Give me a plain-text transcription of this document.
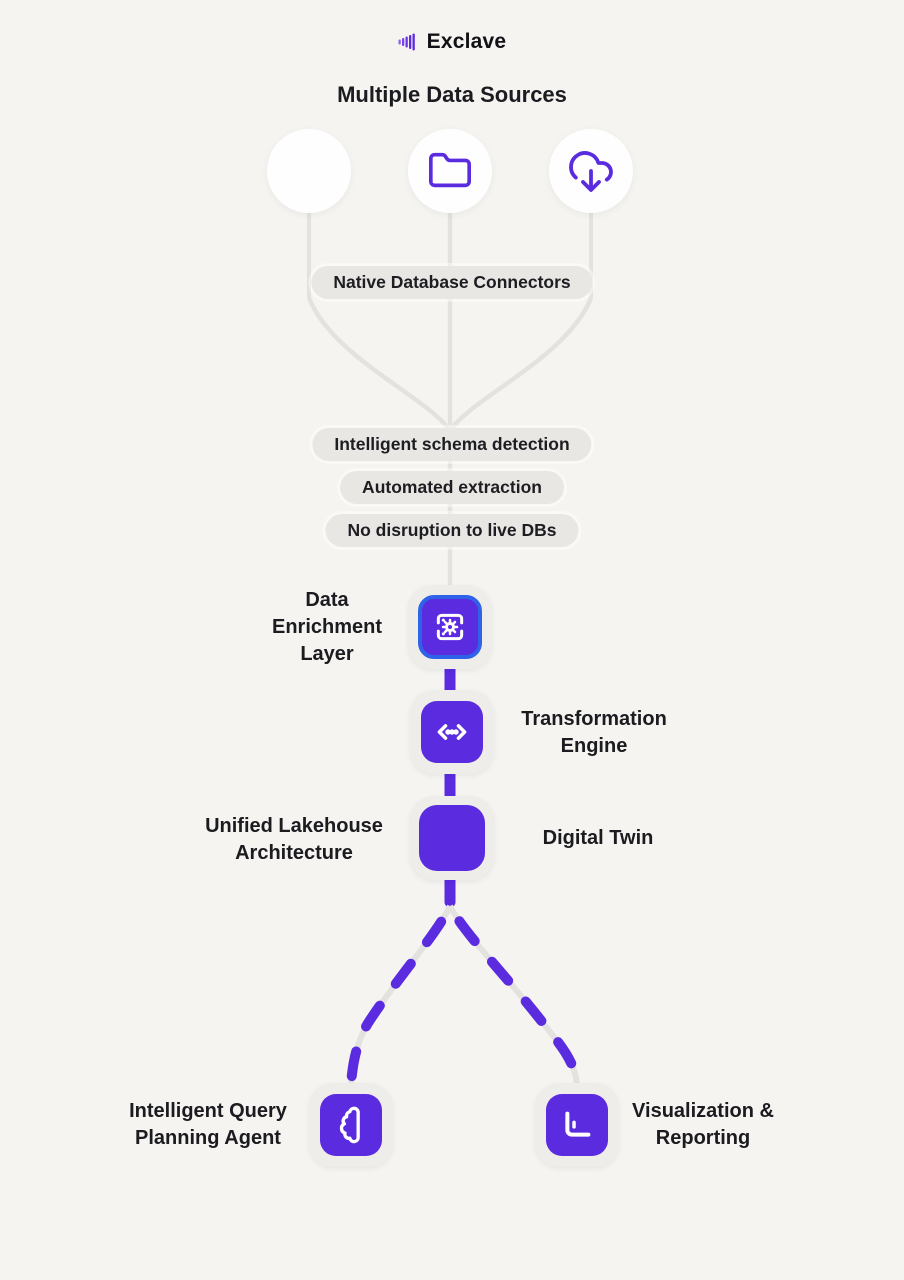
Exclave
Multiple Data Sources
Native Database Connectors
Intelligent schema detection
Automated extraction
No disruption to live DBs
Data Enrichment Layer
Transformation Engine
Unified Lakehouse Architecture
Digital Twin
Intelligent Query Planning Agent
Visualization & Reporting
